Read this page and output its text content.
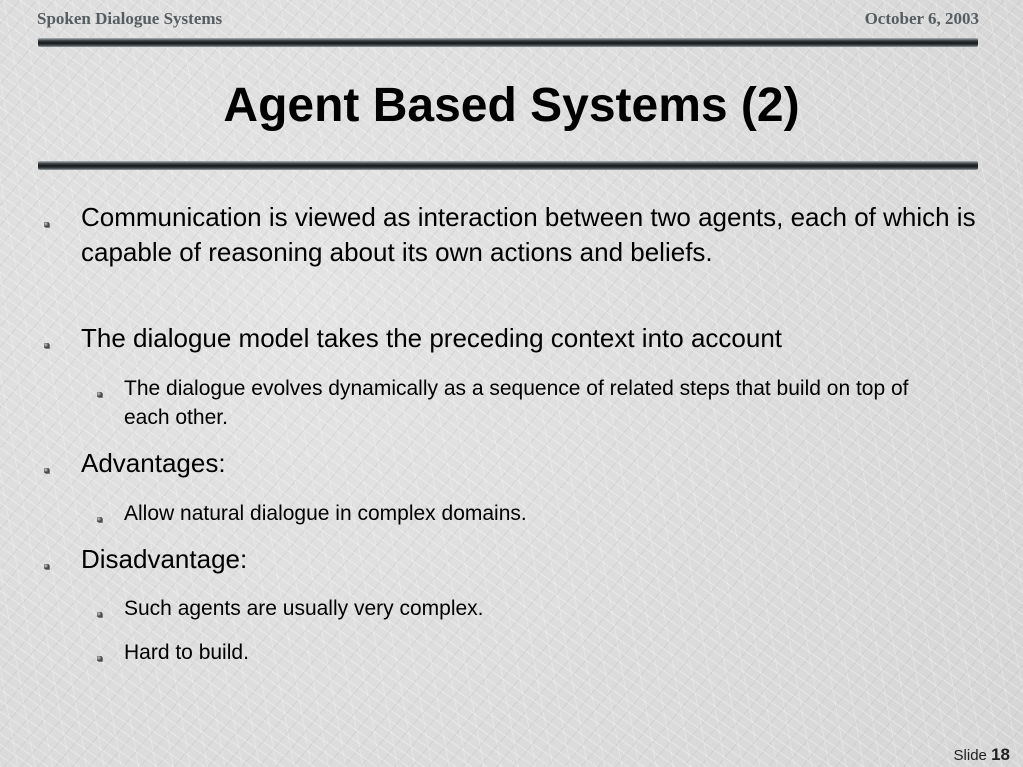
Spoken Dialogue Systems	October 6, 2003
Agent Based Systems (2)
Communication is viewed as interaction between two agents, each of which is capable of reasoning about its own actions and beliefs.
The dialogue model takes the preceding context into account
The dialogue evolves dynamically as a sequence of related steps that build on top of each other.
Advantages:
Allow natural dialogue in complex domains.
Disadvantage:
Such agents are usually very complex.
Hard to build.
Slide 18
